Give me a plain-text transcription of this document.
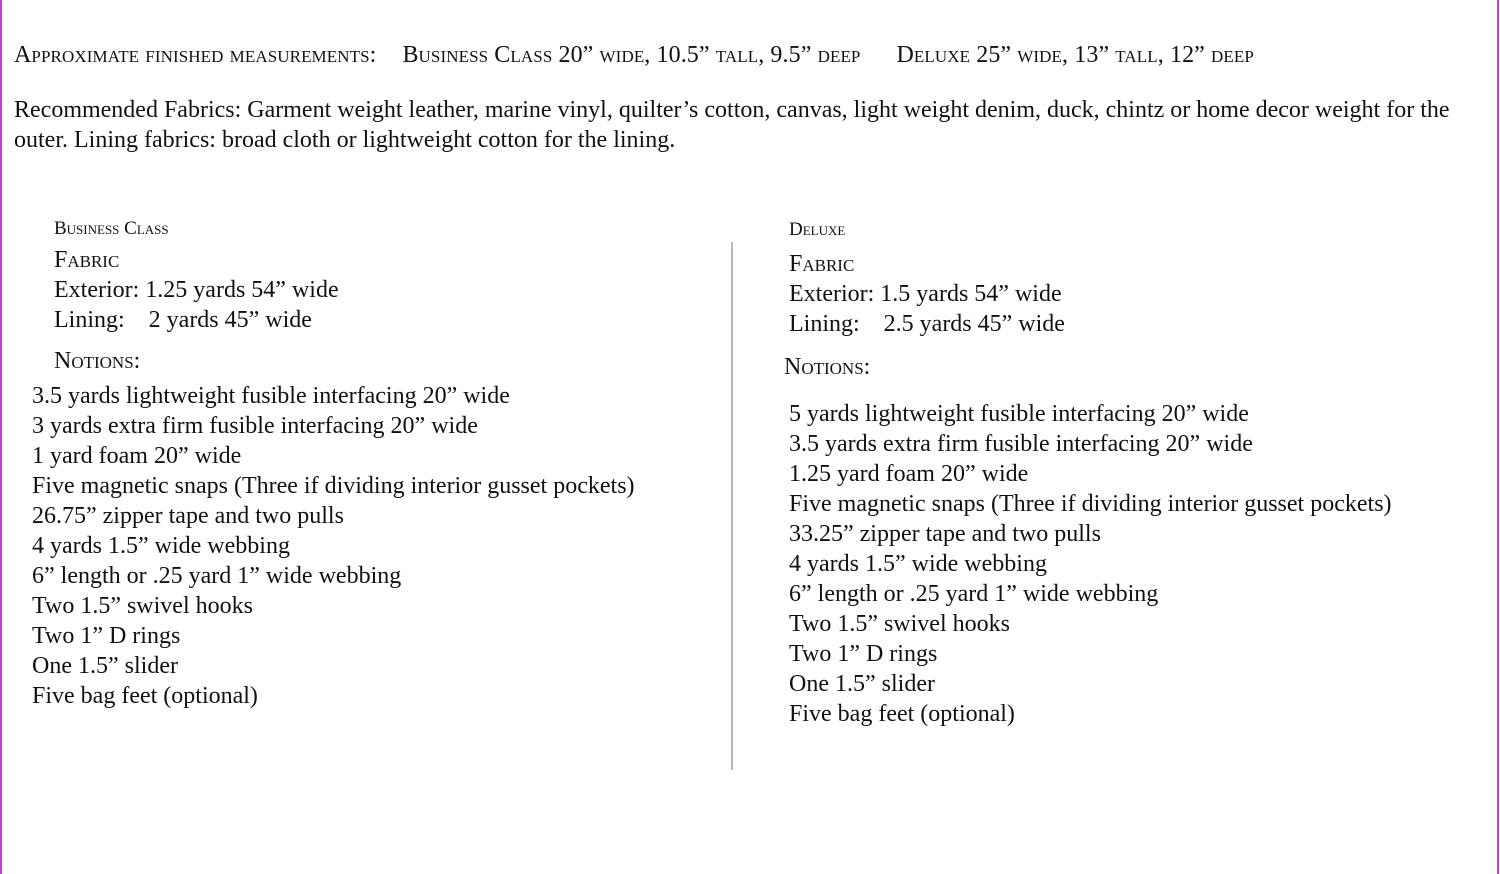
Approximate finished measurements: Business Class 20” wide, 10.5” tall, 9.5” deep Deluxe 25” wide, 13” tall, 12” deep
Recommended Fabrics: Garment weight leather, marine vinyl, quilter’s cotton, canvas, light weight denim, duck, chintz or home decor weight for the outer. Lining fabrics: broad cloth or lightweight cotton for the lining.
Business Class
Fabric
Exterior: 1.25 yards 54” wide
Lining:    2 yards 45” wide
Notions:
3.5 yards lightweight fusible interfacing 20” wide
3 yards extra firm fusible interfacing 20” wide
1 yard foam 20” wide
Five magnetic snaps (Three if dividing interior gusset pockets)
26.75” zipper tape and two pulls
4 yards 1.5” wide webbing
6” length or .25 yard 1” wide webbing
Two 1.5” swivel hooks
Two 1” D rings
One 1.5” slider
Five bag feet (optional)
Deluxe
Fabric
Exterior: 1.5 yards 54” wide
Lining:    2.5 yards 45” wide
Notions:
5 yards lightweight fusible interfacing 20” wide
3.5 yards extra firm fusible interfacing 20” wide
1.25 yard foam 20” wide
Five magnetic snaps (Three if dividing interior gusset pockets)
33.25” zipper tape and two pulls
4 yards 1.5” wide webbing
6” length or .25 yard 1” wide webbing
Two 1.5” swivel hooks
Two 1” D rings
One 1.5” slider
Five bag feet (optional)
